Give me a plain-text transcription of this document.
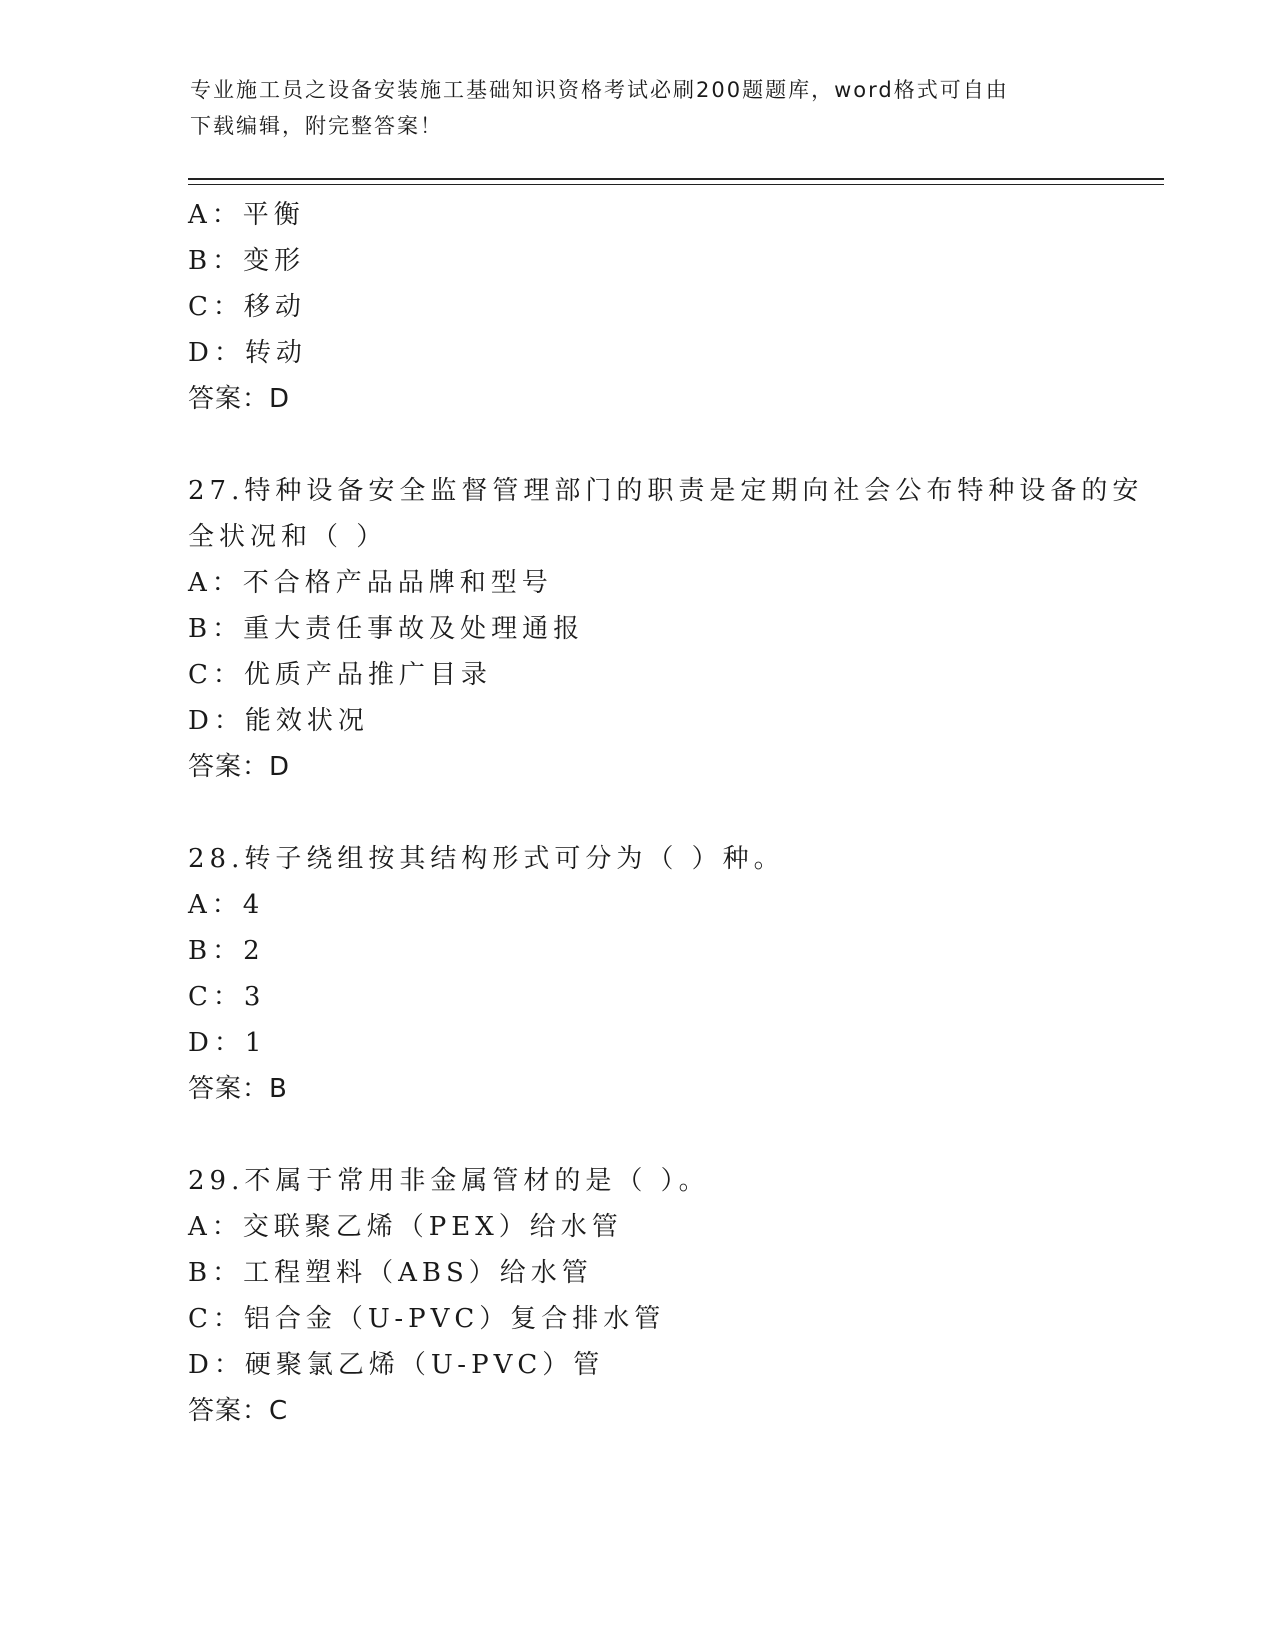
专业施工员之设备安装施工基础知识资格考试必刷200题题库，word格式可自由
下载编辑，附完整答案！
A：平衡
B：变形
C：移动
D：转动
答案：D
27.特种设备安全监督管理部门的职责是定期向社会公布特种设备的安
全状况和（ ）
A：不合格产品品牌和型号
B：重大责任事故及处理通报
C：优质产品推广目录
D：能效状况
答案：D
28.转子绕组按其结构形式可分为（ ）种。
A：4
B：2
C：3
D：1
答案：B
29.不属于常用非金属管材的是（ ）。
A：交联聚乙烯（PEX）给水管
B：工程塑料（ABS）给水管
C：铝合金（U-PVC）复合排水管
D：硬聚氯乙烯（U-PVC）管
答案：C
